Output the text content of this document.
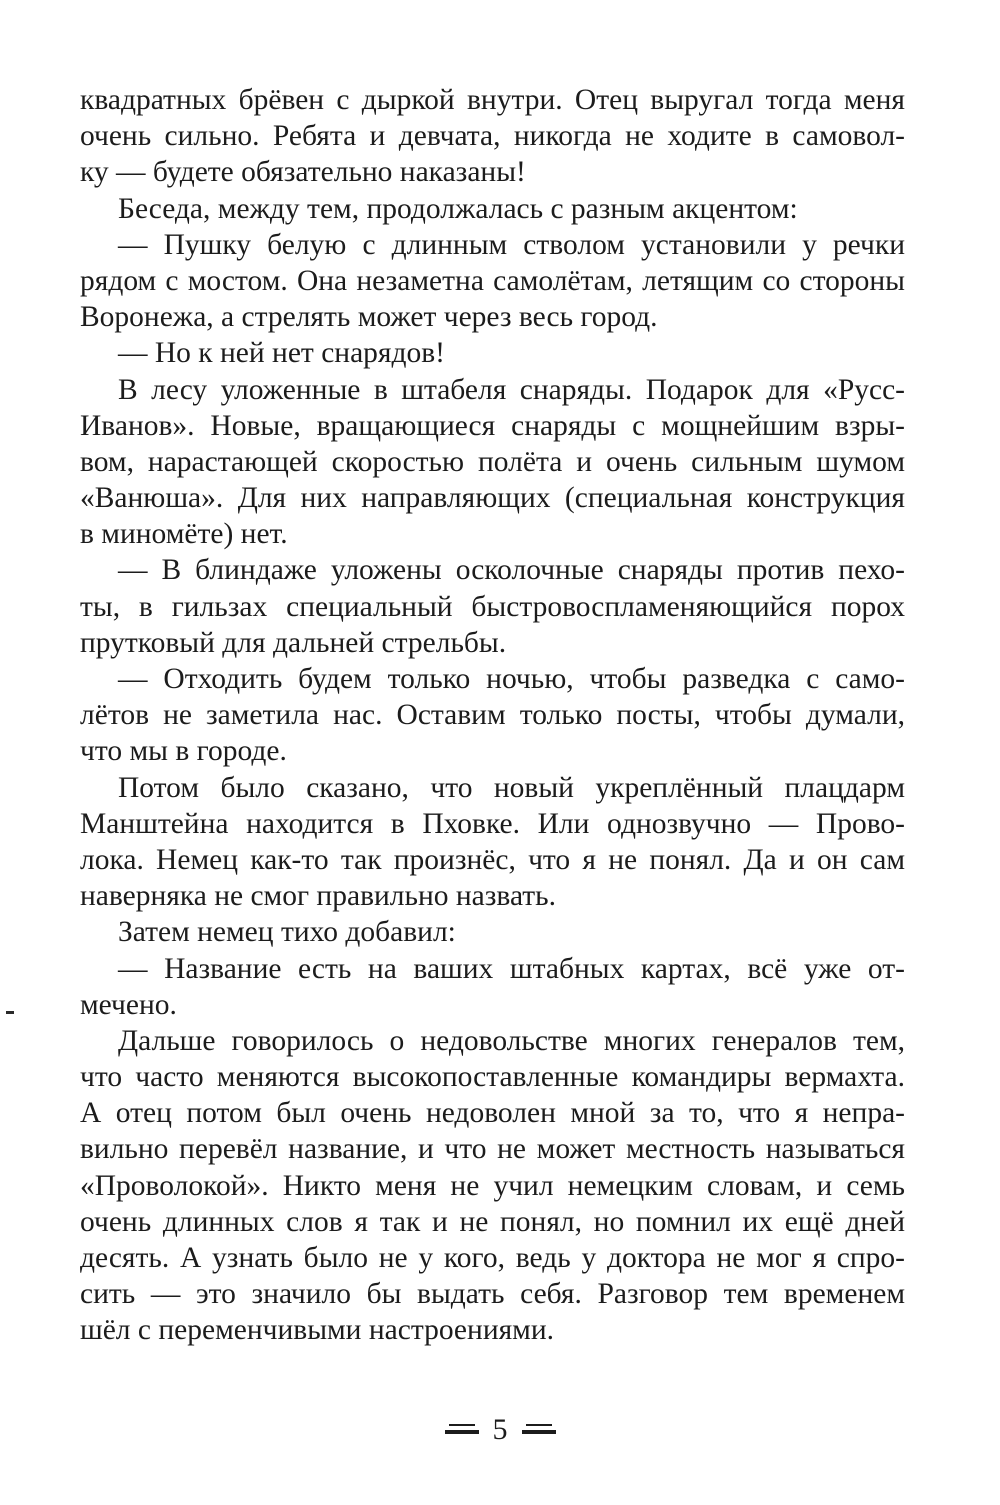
квадратных брёвен с дыркой внутри. Отец выругал тогда меня
очень сильно. Ребята и девчата, никогда не ходите в самовол-
ку — будете обязательно наказаны!
Беседа, между тем, продолжалась с разным акцентом:
— Пушку белую с длинным стволом установили у речки
рядом с мостом. Она незаметна самолётам, летящим со стороны
Воронежа, а стрелять может через весь город.
— Но к ней нет снарядов!
В лесу уложенные в штабеля снаряды. Подарок для «Русс-
Иванов». Новые, вращающиеся снаряды с мощнейшим взры-
вом, нарастающей скоростью полёта и очень сильным шумом
«Ванюша». Для них направляющих (специальная конструкция
в миномёте) нет.
— В блиндаже уложены осколочные снаряды против пехо-
ты, в гильзах специальный быстровоспламеняющийся порох
прутковый для дальней стрельбы.
— Отходить будем только ночью, чтобы разведка с само-
лётов не заметила нас. Оставим только посты, чтобы думали,
что мы в городе.
Потом было сказано, что новый укреплённый плацдарм
Манштейна находится в Пховке. Или однозвучно — Прово-
лока. Немец как-то так произнёс, что я не понял. Да и он сам
наверняка не смог правильно назвать.
Затем немец тихо добавил:
— Название есть на ваших штабных картах, всё уже от-
мечено.
Дальше говорилось о недовольстве многих генералов тем,
что часто меняются высокопоставленные командиры вермахта.
А отец потом был очень недоволен мной за то, что я непра-
вильно перевёл название, и что не может местность называться
«Проволокой». Никто меня не учил немецким словам, и семь
очень длинных слов я так и не понял, но помнил их ещё дней
десять. А узнать было не у кого, ведь у доктора не мог я спро-
сить — это значило бы выдать себя. Разговор тем временем
шёл с переменчивыми настроениями.
5
